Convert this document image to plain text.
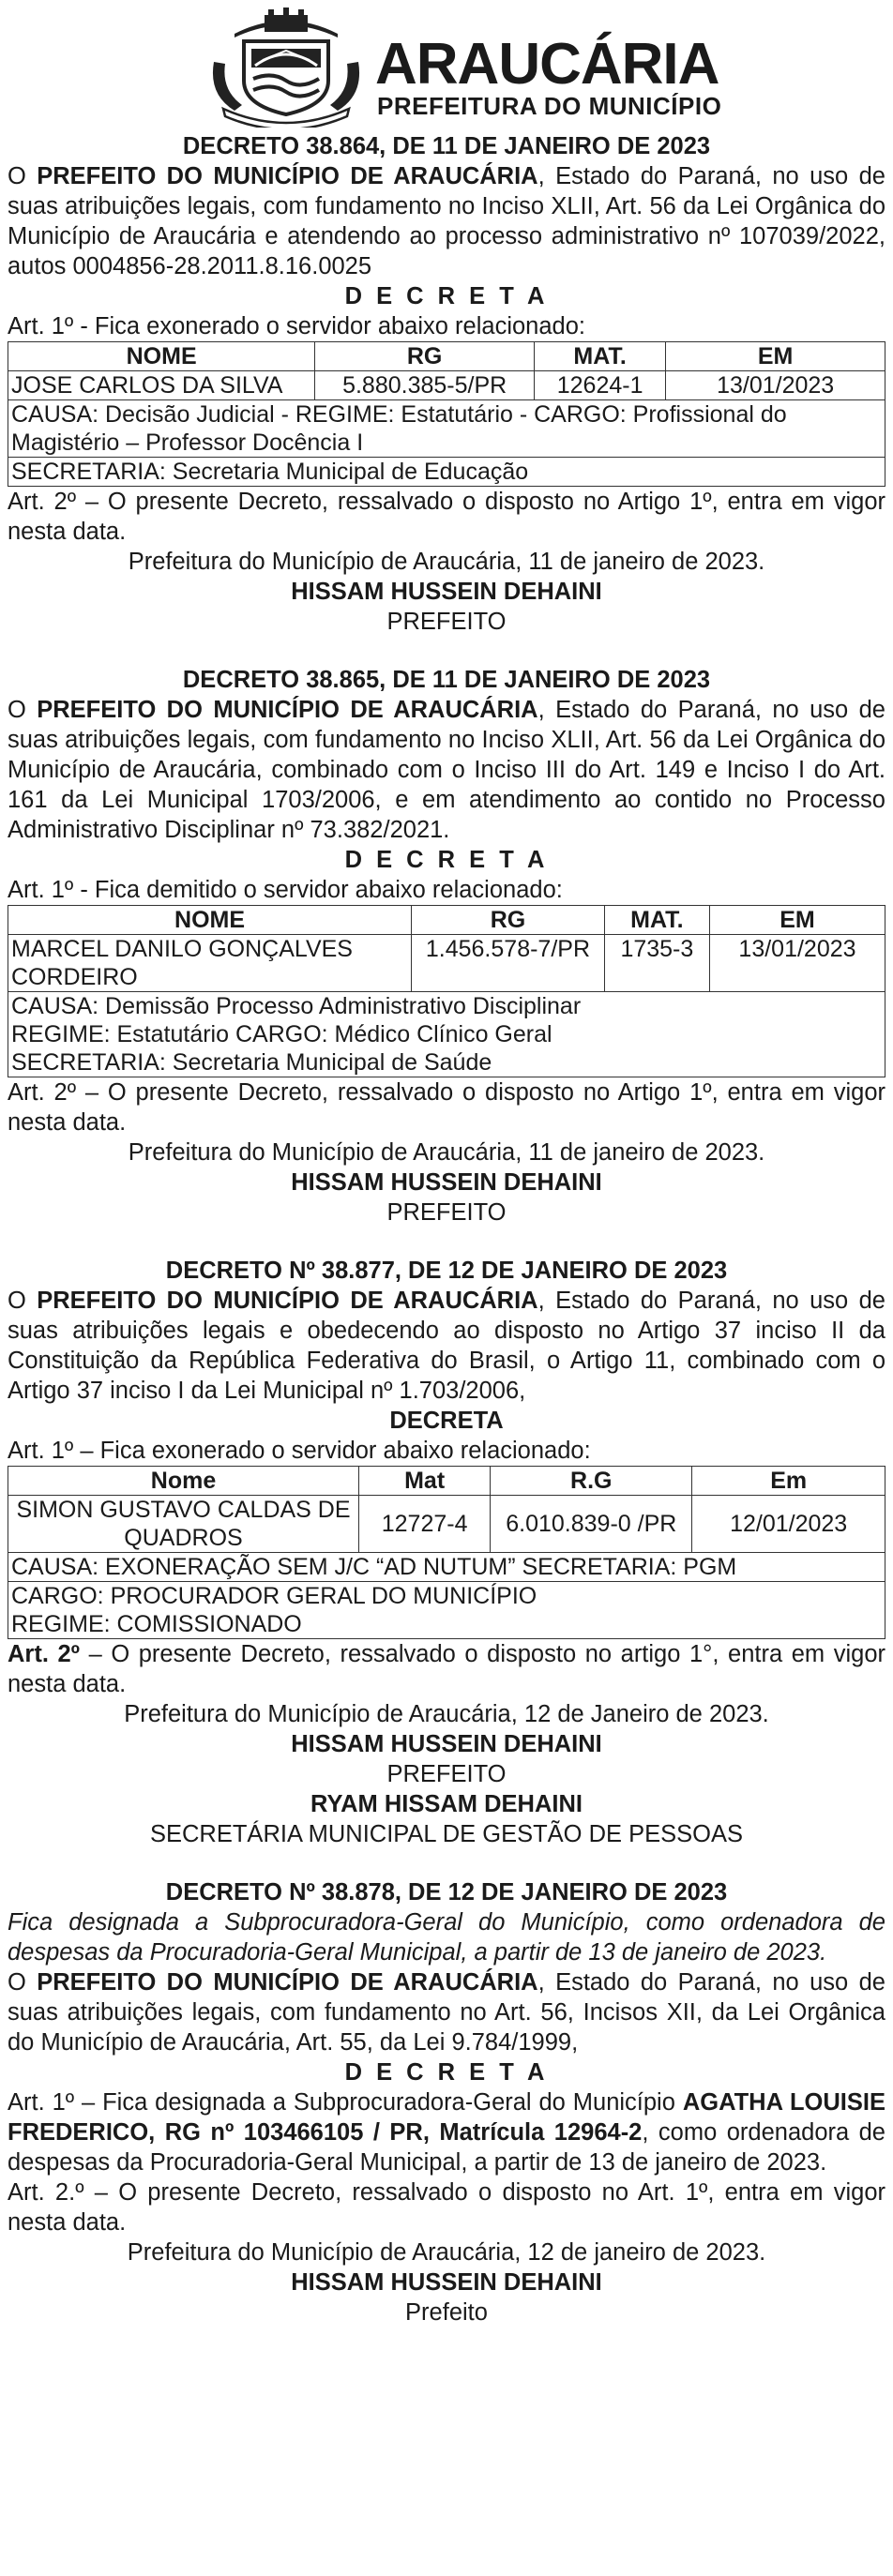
ARAUCÁRIA
PREFEITURA DO MUNICÍPIO
DECRETO 38.864, DE 11 DE JANEIRO DE 2023
O PREFEITO DO MUNICÍPIO DE ARAUCÁRIA, Estado do Paraná, no uso de suas atribuições legais, com fundamento no Inciso XLII, Art. 56 da Lei Orgânica do Município de Araucária e atendendo ao processo administrativo nº 107039/2022, autos 0004856-28.2011.8.16.0025
D E C R E T A
Art. 1º - Fica exonerado o servidor abaixo relacionado:
NOME	RG	MAT.	EM
JOSE CARLOS DA SILVA	5.880.385-5/PR	12624-1	13/01/2023
CAUSA: Decisão Judicial - REGIME: Estatutário - CARGO: Profissional do Magistério – Professor Docência I			
SECRETARIA: Secretaria Municipal de Educação			
Art. 2º – O presente Decreto, ressalvado o disposto no Artigo 1º, entra em vigor nesta data.
Prefeitura do Município de Araucária, 11 de janeiro de 2023.
HISSAM HUSSEIN DEHAINI
PREFEITO
DECRETO 38.865, DE 11 DE JANEIRO DE 2023
O PREFEITO DO MUNICÍPIO DE ARAUCÁRIA, Estado do Paraná, no uso de suas atribuições legais, com fundamento no Inciso XLII, Art. 56 da Lei Orgânica do Município de Araucária, combinado com o Inciso III do Art. 149 e Inciso I do Art. 161 da Lei Municipal 1703/2006, e em atendimento ao contido no Processo Administrativo Disciplinar nº 73.382/2021.
D E C R E T A
Art. 1º - Fica demitido o servidor abaixo relacionado:
NOME	RG	MAT.	EM
MARCEL DANILO GONÇALVES CORDEIRO	1.456.578-7/PR	1735-3	13/01/2023

CAUSA: Demissão Processo Administrativo Disciplinar
REGIME: Estatutário CARGO: Médico Clínico Geral
SECRETARIA: Secretaria Municipal de Saúde			
Art. 2º – O presente Decreto, ressalvado o disposto no Artigo 1º, entra em vigor nesta data.
Prefeitura do Município de Araucária, 11 de janeiro de 2023.
HISSAM HUSSEIN DEHAINI
PREFEITO
DECRETO Nº 38.877, DE 12 DE JANEIRO DE 2023
O PREFEITO DO MUNICÍPIO DE ARAUCÁRIA, Estado do Paraná, no uso de suas atribuições legais e obedecendo ao disposto no Artigo 37 inciso II da Constituição da República Federativa do Brasil, o Artigo 11, combinado com o Artigo 37 inciso I da Lei Municipal nº 1.703/2006,
DECRETA
Art. 1º – Fica exonerado o servidor abaixo relacionado:
Nome	Mat	R.G	Em
SIMON GUSTAVO CALDAS DE QUADROS	12727-4	6.010.839-0 /PR	12/01/2023
CAUSA: EXONERAÇÃO SEM J/C “AD NUTUM” SECRETARIA: PGM			

CARGO: PROCURADOR GERAL DO MUNICÍPIO
REGIME: COMISSIONADO			
Art. 2º – O presente Decreto, ressalvado o disposto no artigo 1°, entra em vigor nesta data.
Prefeitura do Município de Araucária, 12 de Janeiro de 2023.
HISSAM HUSSEIN DEHAINI
PREFEITO
RYAM HISSAM DEHAINI
SECRETÁRIA MUNICIPAL DE GESTÃO DE PESSOAS
DECRETO Nº 38.878, DE 12 DE JANEIRO DE 2023
Fica designada a Subprocuradora-Geral do Município, como ordenadora de despesas da Procuradoria-Geral Municipal, a partir de 13 de janeiro de 2023.
O PREFEITO DO MUNICÍPIO DE ARAUCÁRIA, Estado do Paraná, no uso de suas atribuições legais, com fundamento no Art. 56, Incisos XII, da Lei Orgânica do Município de Araucária, Art. 55, da Lei 9.784/1999,
D E C R E T A
Art. 1º – Fica designada a Subprocuradora-Geral do Município AGATHA LOUISIE FREDERICO, RG nº 103466105 / PR, Matrícula 12964-2, como ordenadora de despesas da Procuradoria-Geral Municipal, a partir de 13 de janeiro de 2023.
Art. 2.º – O presente Decreto, ressalvado o disposto no Art. 1º, entra em vigor nesta data.
Prefeitura do Município de Araucária, 12 de janeiro de 2023.
HISSAM HUSSEIN DEHAINI
Prefeito
